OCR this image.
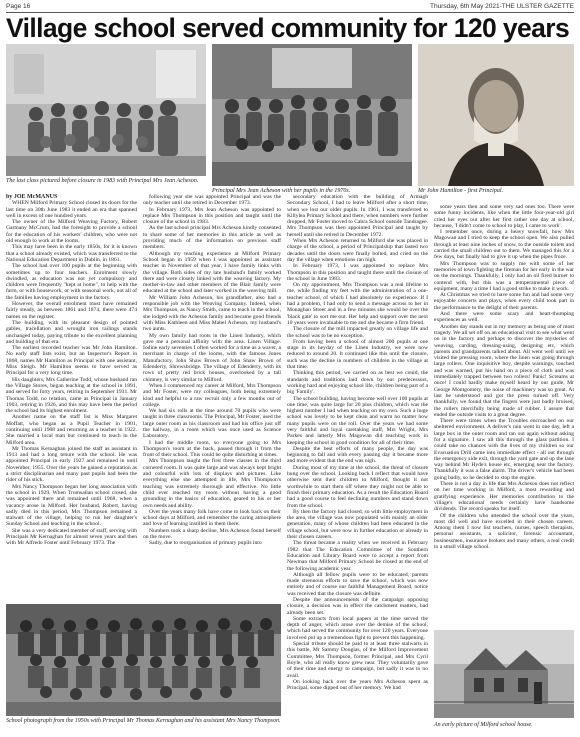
Page 16	Thursday, 6th May 2021-THE ULSTER GAZETTE
Village school served community for 120 years
The last class pictured before closure in 1983 with Principal Mrs Jean Acheson.
Principal Mrs Jean Acheson with her pupils in the 1970s.	Mr John Hamilton - first Principal.

by JOE McMANUS

WHEN Milford Primary School closed its doors for the last time on 30th June 1983 it ended an era that spanned well in excess of one hundred years.

The owner of the Milford Weaving Factory, Robert Garmany McCrum, had the foresight to provide a school for the education of his workers' children, who were not old enough to work at the looms.

This may have been in the early 1850s, for it is known that a school already existed, which was transferred to the National Education Department in Dublin, in 1861.

The school had over 100 pupils at the beginning with sometimes up to four teachers. Enrolment slowly dwindled, as education was not yet compulsory and children were frequently "kept at home", to help with the farm, or with housework, or with seasonal work, not all of the families having employment in the factory.

However, the overall enrolment must have remained fairly steady, as between 1861 and 1874, there were 474 names on the register.

The building, with its pleasant design of pointed gables, tracellation and wrought iron railings stands unchanged today, paying tribute to the excellent planning and building of that era.

The earliest recorded teacher was Mr John Hamilton. No early staff lists exist, but an Inspector's Report in 1868, names Mr Hamilton as Principal with one assistant, Miss Sleigh. Mr Hamilton seems to have served as Principal for a very long time.

His daughters, Mrs Catherine Todd, whose husband ran the Village Stores, began teaching at the school in 1891, and served for forty years, retiring in September 1931. Mr Thomas Todd, no relation, came as Principal in January 1903, retiring in 1926, and this may have been the period the school had its highest enrolment.

Another name on the staff list is Miss Margaret Moffatt, who began as a Pupil Teacher in 1901, continuing until 1908 and returning as a teacher in 1922. She married a local man but continued to teach in the Milford area.

Mr Thomas Kernaghan joined the staff as assistant in 1913 and had a long tenure with the school. He was appointed Principal in early 1927 and remained in until November, 1955. Over the years he gained a reputation as a strict disciplinarian and many past pupils had been the rider of his stick.

Mrs Nancy Thompson began her long association with the school in 1929. When Trumsallan school closed, she was appointed there and remained until 1968, when a vacancy arose in Milford. Her husband, Robert, having sadly died in this period, Mrs Thompson remained a stalwart of the village, helping to run her daughter's Sunday School and teaching in the school.

She was a very dedicated member of staff, serving with Principals Mr Kernaghan for almost seven years and then with Mr Alfredo Foster until February 1973. The

following year she was appointed Principal and was the only teacher until she retired in December 1973.

In February 1973, Mrs Jean Acheson was appointed to replace Mrs Thompson in this position and taught until the closure of the school in 1983.

As the last school principal Mrs Acheson kindly consented to share some of her memories in this article as well as providing much of the information on previous staff members.

Although my teaching experience at Milford Primary School began in 1959 when I was appointed as assistant teacher in November of that year, I have family links with the village. Both sides of my late husband's family worked there and were closely linked with the weaving factory. My mother-in-law and other members of the Blair family were educated at the school and later worked in the weaving mill.

Mr William John Acheson, his grandfather, also had a responsible job with the Weaving Company. Indeed, when Mrs Thompson, as Nancy Smith, came to teach in the school, she lodged with the Acheson family and became good friends with Miss Kathleen and Miss Mabel Acheson, my husband's two aunts.

My own family had roots in the Linen Industry, which gave me a personal affinity with the area. Linen Village. Iodine early seventies I often worked for a time as a waver, a merchant in charge of the looms, with the famous Jones Manufactory, John Shaw Brown of John Shaw Brown of Edenderry, Shrewsbridge. The village of Edenderry, with its rows of pretty red brick houses, overlooked by a tall chimney, is very similar to Milford.

When I commenced my career at Milford, Mrs Thompson and Mr Foster, were my colleagues, both being extremely kind and helpful to a raw recruit only a few months out of college.

We had six rolls at the time around 70 pupils who were taught in three classrooms. The Principal, Mr Foster, used the large outer room as his classroom and had his office just off the hallway, in a room which was once used as Science Laboratory.

I had the middle room, so everyone going to Mrs Thompson's room at the back, passed through it from the front of their school. This could be quite disturbing at times.

Mrs Thompson taught the first three classes in the third cornered room. It was quite large and was always kept bright and colourful with lots of displays and pictures. Like everything else she attempted in life, Mrs Thompson's teaching was extremely thorough and effective. No little child ever reached my room without having a good grounding in the basics of education, geared to his or her own needs and ability.

Over the years many folk have come to look back on their school days at Milford, and remember the caring atmosphere and love of learning instilled in them there.

Numbers took a sharp decline, Mrs Acheson found herself on the move.

Sadly, due to reorganisation of primary pupils into

secondary education with the building of Armagh Secondary School, I had to leave Milford after a short time, when we lost our older pupils. In 1961, I was transferred to Killylea Primary School and there, when numbers were further dropped, Mr Foster moved to Cabra School outside Tandragee. Mrs Thompson was then appointed Principal and taught by herself until she retired in December 1972.

When Mrs Acheson returned to Milford she was placed in charge of the school, a period of Principalship that lasted two decades until the doors were finally bolted, and cried on the day the village when emotions ran high.

In February 1973, I was appointed to replace Mrs Thompson in this position and taught there until the closure of the school in June 1983.

On my appointment, Mrs Thompson was a real lifeline to me, while finding my feet with the administration of a one-teacher school, of which I had absolutely no experience. If I had a problem, I had only to send a message across to her in Monaghan Street and in a few minutes she would be over the 'black gate' to sort me out. Her help and support over the next 10 years were invaluable to me and she became a firm friend.

The closure of the mill impacted greatly on village life and the school was to be no exception.

From having been a school of almost 200 pupils at one stage in its heyday of the Linen Industry, we were now reduced to around 20. It continued like this until the closure, such was the decline in numbers of children in the village at that time.

Thinking this period, we carried on as best we could, the standards and traditions laid down by our predecessors, working hard and enjoying school life, children being part of a big 'Family'.

The school building, having become well over 100 pupils at one time, was quite large for 20 plus children, which was the highest number I had when teaching on my own. Such a huge school was lovely to be kept clean and warm no matter how many pupils were on the roll. Over the years we had some very faithful and loyal caretaking staff, Mrs Wright, Mrs Parkes and latterly Mrs Magowan did teaching work in keeping the school in good condition for all of their time.

Despite the best efforts of many people, the day was beginning to fall and with every passing day it became more and more evident that the end was nigh.

During most of my time at the school, the threat of closure hung over the school. Looking back I reflect that would have otherwise sent their children to Milford, thought it not worthwhile to start them off where they might not be able to finish their primary education. As a result the Education Board had a good course to feel declining numbers and stand down from the school.

By then the factory had closed, so with little employment in the area, the village was now populated with mainly an older generation, many of whose children had been educated in the village school, but were now in further education or already in their chosen careers.

The threat became a reality when we received in February 1982 that The Education Committee of the Southern Education and Library Board were to accept a report from Newman that Milford Primary School be closed at the end of the following academic year.

Although all fellow pupils were to be educated, parents made strenuous efforts to save the school, which was now entirely and of course our faithful Management Board, notice was received that the closure was definite.

Despite the announcements of the campaign opposing closure, a decision was in effect the catchment matters, bad already been set.

Some extracts from local papers at the time served the depth of anger, which arose over the demise of the school, which had served the community for over 120 years. Everyone involved put up a tremendous fight to prevent this happening.

Special tribute should be paid to at least three stalwarts in this battle, Mr Sammy Douglas, of the Milford Improvement Committee, Mrs Thompson, former Principal, and Mrs Cyril Boyle, who all really know grew near. They voluntarily gave of their time and energy to campaign, but sadly it was to no avail.

On looking back over the years Mrs Acheson spent as Principal, some dipped out of her memory. We had

some years then and some very sad ones too. There were some funny incidents, like when the little four-year-old girl cried her eyes out after her first rather one day at school, because, 'I didn't come to school to play, I came to work'.

I remember once, during a heavy snowfall, how Mrs Magowan and I tried to keep the school open. We also pulled through at least nine inches of snow, to the outside toilets and carried the small children out to them. We managed this for a few days, but finally had to give it up when the pipes froze.

Mrs Thompson was to supply me with some of her memories of town fighting the fireman for her early in the war on the mornings. Thankfully, I only had an oil fired burner to contend with, but this was a temperamental piece of equipment, many a time I had a good strike to make it work.

At Christmas we tried to have some fun and had some very enjoyable concerts and plays, when every child took part in the performance to the delight of their parents.

And there were some scary and heart-thumping experiences as well.

Another day stands out in my memory as being one of most tragedy. We all set off on an educational visit to see what went on in the factory and perhaps to discover the mysteries of weaving, carding, dressing-using, designing etc, which parents and grandparents talked about. All went well until we visited the pressing room, where the linen was going through large rollers. One inquisitive boy, despite warnings, touched and was warned, put his hand on a piece of cloth and was immediately trapped between two rollers! Panic! Screams at once! I could hardly make myself heard by our guide, Mr George Montgomery, the noise of machinery was so great. At last he understood and got the press turned off. Very thankfully, we found that the fingers were just badly bruised, the rollers mercifully being made of rubber. I assure that ended the outside visits to a great degree.

There were times when the Troubles encroached on our sheltered environment. A deliver's rain went in one day, left a large box in the outer room and ran out again without asking for a signature. I saw all this through the glass partition. I could take no chances with the lives of my children so our Evacuation Drill came into immediate effect - all out through the emergency side exit, through the yard gate and up the lane way behind Mr Hyde's house etc, emerging near the factory. Thankfully it was a false alarm. The driver's vehicle had been going badly, so he decided to stop the engine.

There is not a day in life that Mrs Acheson does not reflect on her time working in Milford, a most rewarding and gratifying experience. Her memories contribution to the village's educational needs certainly have handsome dividends. The record speaks for itself.

Of the children who attended the school over the years, most did well and have excelled in their chosen careers. Among them I now list teachers, nurses, speech therapists, personal assistants, a solicitor, forensic accountant, businessmen, insurance brokers and many others, a real credit to a small village school.

School photograph from the 1950s with Principal Mr Thomas Kernaghan and his assistant Mrs Nancy Thompson.
An early picture of Milford school house.
